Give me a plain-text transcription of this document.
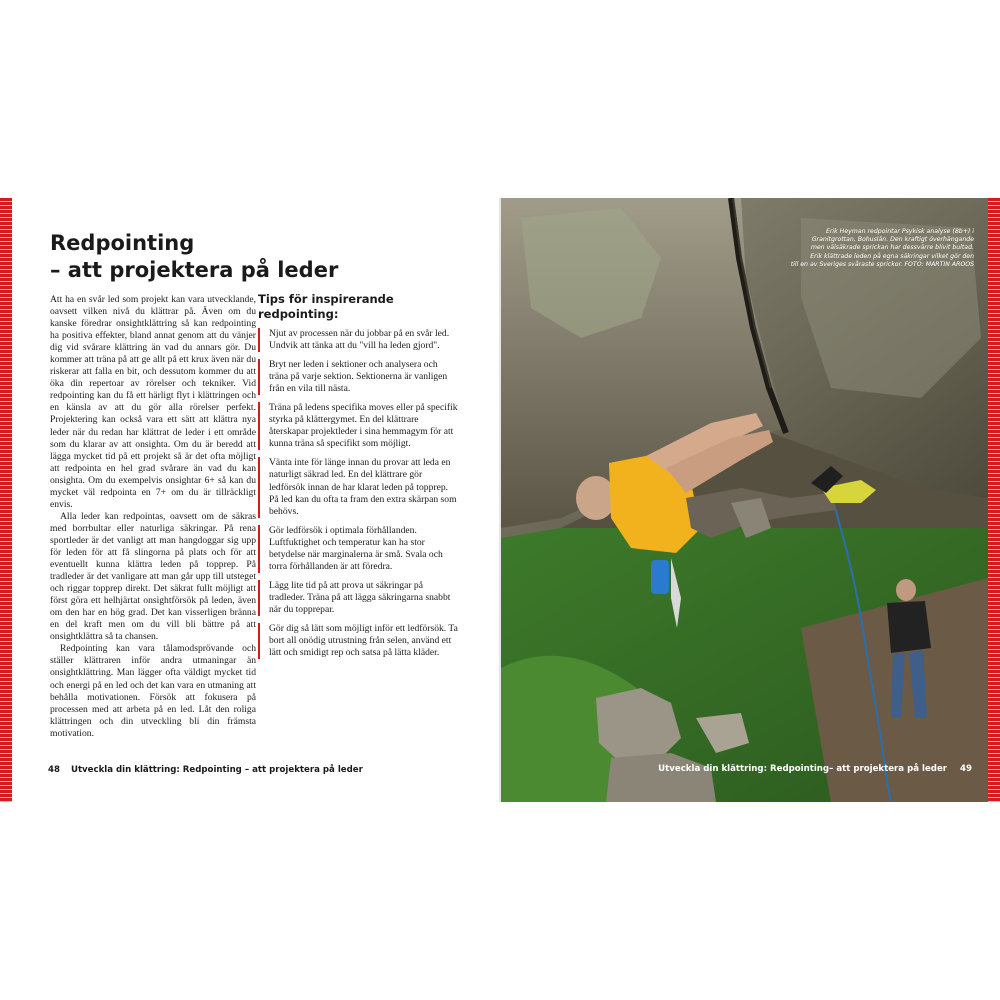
Redpointing
– att projektera på leder

Att ha en svår led som projekt kan vara utvecklande, oavsett vilken nivå du klättrar på. Även om du kanske föredrar onsightklättring så kan redpointing ha positiva effekter, bland annat genom att du vänjer dig vid svårare klättring än vad du annars gör. Du kommer att träna på att ge allt på ett krux även när du riskerar att falla en bit, och dessutom kommer du att öka din repertoar av rörelser och tekniker. Vid redpointing kan du få ett härligt flyt i klättringen och en känsla av att du gör alla rörelser perfekt. Projektering kan också vara ett sätt att klättra nya leder när du redan har klättrat de leder i ett område som du klarar av att onsighta. Om du är beredd att lägga mycket tid på ett projekt så är det ofta möjligt att redpointa en hel grad svårare än vad du kan onsighta. Om du exempelvis onsightar 6+ så kan du mycket väl redpointa en 7+ om du är tillräckligt envis.

Alla leder kan redpointas, oavsett om de säkras med borrbultar eller naturliga säkringar. På rena sportleder är det vanligt att man hangdoggar sig upp för leden för att få slingorna på plats och för att eventuellt kunna klättra leden på topprep. På tradleder är det vanligare att man går upp till utsteget och riggar topprep direkt. Det säkrat fullt möjligt att först göra ett helhjärtat onsightförsök på leden, även om den har en hög grad. Det kan visserligen bränna en del kraft men om du vill bli bättre på att onsightklättra så ta chansen.

Redpointing kan vara tålamodsprövande och ställer klättraren inför andra utmaningar än onsightklättring. Man lägger ofta väldigt mycket tid och energi på en led och det kan vara en utmaning att behålla motivationen. Försök att fokusera på processen med att arbeta på en led. Låt den roliga klättringen och din utveckling bli din främsta motivation.

Tips för inspirerande redpointing:
Njut av processen när du jobbar på en svår led. Undvik att tänka att du "vill ha leden gjord".
Bryt ner leden i sektioner och analysera och träna på varje sektion. Sektionerna är vanligen från en vila till nästa.
Träna på ledens specifika moves eller på specifik styrka på klättergymet. En del klättrare återskapar projektleder i sina hemmagym för att kunna träna så specifikt som möjligt.
Vänta inte för länge innan du provar att leda en naturligt säkrad led. En del klättrare gör ledförsök innan de har klarat leden på topprep. På led kan du ofta ta fram den extra skärpan som behövs.
Gör ledförsök i optimala förhållanden. Luftfuktighet och temperatur kan ha stor betydelse när marginalerna är små. Svala och torra förhållanden är att föredra.
Lägg lite tid på att prova ut säkringar på tradleder. Träna på att lägga säkringarna snabbt när du topprepar.
Gör dig så lätt som möjligt inför ett ledförsök. Ta bort all onödig utrustning från selen, använd ett lätt och smidigt rep och satsa på lätta kläder.
48 Utveckla din klättring: Redpointing – att projektera på leder
Erik Heyman redpointar Psykisk analyse (8b+) i
Granitgrottan, Bohuslän. Den kraftigt överhängande
men välsäkrade sprickan har dessvärre blivit bultad.
Erik klättrade leden på egna säkringar vilket gör den
till en av Sveriges svåraste sprickor. FOTO: MARTIN AROOS
Utveckla din klättring: Redpointing– att projektera på leder 49
